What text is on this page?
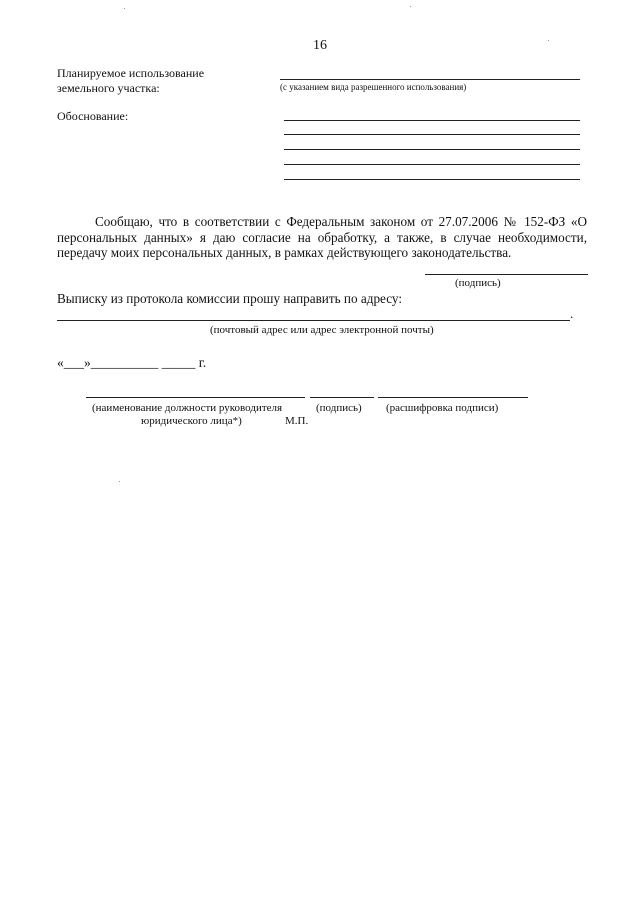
16
Планируемое использование
земельного участка:	(с указанием вида разрешенного использования)
Обоснование:
Сообщаю, что в соответствии с Федеральным законом от 27.07.2006 № 152-ФЗ «О персональных данных» я даю согласие на обработку, а также, в случае необходимости, передачу моих персональных данных, в рамках действующего законодательства.
(подпись)
Выписку из протокола комиссии прошу направить по адресу:
.
(почтовый адрес или адрес электронной почты)
«___»__________ _____ г.
(наименование должности руководителя	(подпись) (расшифровка подписи)
юридического лица*)	М.П.
